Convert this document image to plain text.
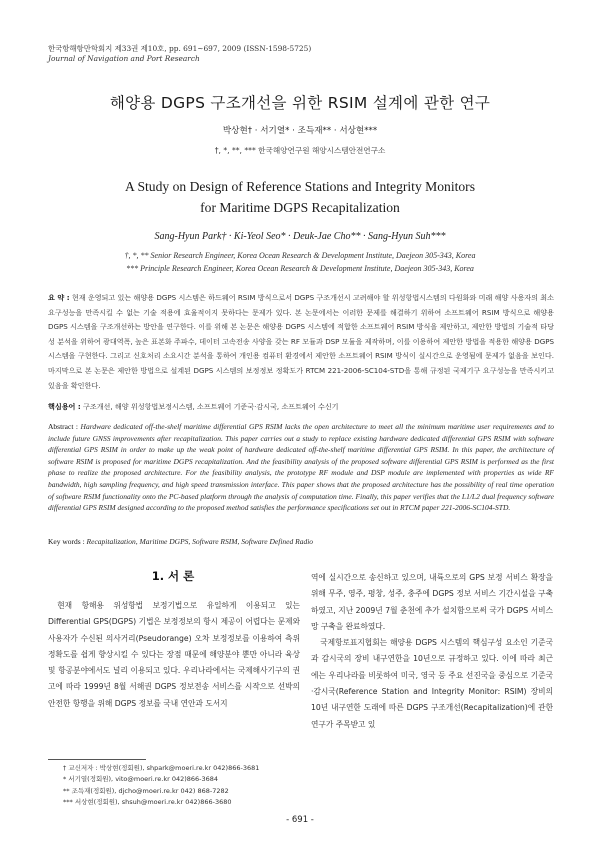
한국항해항만학회지 제33권 제10호, pp. 691~697, 2009 (ISSN-1598-5725)
Journal of Navigation and Port Research
해양용 DGPS 구조개선을 위한 RSIM 설계에 관한 연구
박상현† · 서기열* · 조득재** · 서상현***
†, *, **, *** 한국해양연구원 해양시스템안전연구소
A Study on Design of Reference Stations and Integrity Monitors
for Maritime DGPS Recapitalization
Sang-Hyun Park† · Ki-Yeol Seo* · Deuk-Jae Cho** · Sang-Hyun Suh***
†, *, ** Senior Research Engineer, Korea Ocean Research & Development Institute, Daejeon 305-343, Korea
*** Principle Research Engineer, Korea Ocean Research & Development Institute, Daejeon 305-343, Korea
요 약 : 현재 운영되고 있는 해양용 DGPS 시스템은 하드웨어 RSIM 방식으로서 DGPS 구조개선시 고려해야 할 위성항법시스템의 다원화와 미래 해양 사용자의 최소 요구성능을 만족시킬 수 없는 기술 적용에 효율적이지 못하다는 문제가 있다. 본 논문에서는 이러한 문제를 해결하기 위하여 소프트웨어 RSIM 방식으로 해양용 DGPS 시스템을 구조개선하는 방안을 연구한다. 이를 위해 본 논문은 해양용 DGPS 시스템에 적합한 소프트웨어 RSIM 방식을 제안하고, 제안한 방법의 기술적 타당성 분석을 위하여 광대역폭, 높은 표본화 주파수, 데이터 고속전송 사양을 갖는 RF 모듈과 DSP 모듈을 제작하며, 이를 이용하여 제안한 방법을 적용한 해양용 DGPS 시스템을 구현한다. 그리고 신호처리 소요시간 분석을 통하여 개인용 컴퓨터 환경에서 제안한 소프트웨어 RSIM 방식이 실시간으로 운영됨에 문제가 없음을 보인다. 마지막으로 본 논문은 제안한 방법으로 설계된 DGPS 시스템의 보정정보 정확도가 RTCM 221-2006-SC104-STD을 통해 규정된 국제기구 요구성능을 만족시키고 있음을 확인한다.
핵심용어 : 구조개선, 해양 위성항법보정시스템, 소프트웨어 기준국·감시국, 소프트웨어 수신기
Abstract : Hardware dedicated off-the-shelf maritime differential GPS RSIM lacks the open architecture to meet all the minimum maritime user requirements and to include future GNSS improvements after recapitalization. This paper carries out a study to replace existing hardware dedicated differential GPS RSIM with software differential GPS RSIM in order to make up the weak point of hardware dedicated off-the-shelf maritime differential GPS RSIM. In this paper, the architecture of software RSIM is proposed for maritime DGPS recapitalization. And the feasibility analysis of the proposed software differential GPS RSIM is performed as the first phase to realize the proposed architecture. For the feasibility analysis, the prototype RF module and DSP module are implemented with properties as wide RF bandwidth, high sampling frequency, and high speed transmission interface. This paper shows that the proposed architecture has the possibility of real time operation of software RSIM functionality onto the PC-based platform through the analysis of computation time. Finally, this paper verifies that the L1/L2 dual frequency software differential GPS RSIM designed according to the proposed method satisfies the performance specifications set out in RTCM paper 221-2006-SC104-STD.
Key words : Recapitalization, Maritime DGPS, Software RSIM, Software Defined Radio
1. 서 론

현재 항해용 위성항법 보정기법으로 유일하게 이용되고 있는 Differential GPS(DGPS) 기법은 보정정보의 항시 제공이 어렵다는 문제와 사용자가 수신된 의사거리(Pseudorange) 오차 보정정보를 이용하여 측위 정확도를 쉽게 향상시킬 수 있다는 장점 때문에 해양분야 뿐만 아니라 육상 및 항공분야에서도 널리 이용되고 있다. 우리나라에서는 국제해사기구의 권고에 따라 1999년 8월 서해권 DGPS 정보전송 서비스를 시작으로 선박의 안전한 항행을 위해 DGPS 정보를 국내 연안과 도서지

역에 실시간으로 송신하고 있으며, 내륙으로의 GPS 보정 서비스 확장을 위해 무주, 영주, 평창, 성주, 충주에 DGPS 정보 서비스 기간시설을 구축하였고, 지난 2009년 7월 춘천에 추가 설치함으로써 국가 DGPS 서비스망 구축을 완료하였다.

국제항로표지협회는 해양용 DGPS 시스템의 핵심구성 요소인 기준국과 감시국의 장비 내구연한을 10년으로 규정하고 있다. 이에 따라 최근에는 우리나라를 비롯하여 미국, 영국 등 주요 선진국을 중심으로 기준국·감시국(Reference Station and Integrity Monitor: RSIM) 장비의 10년 내구연한 도래에 따른 DGPS 구조개선(Recapitalization)에 관한 연구가 주목받고 있

† 교신저자 : 박상현(정회원), shpark@moeri.re.kr 042)866-3681
* 서기열(정회원), vito@moeri.re.kr 042)866-3684
** 조득재(정회원), djcho@moeri.re.kr 042) 868-7282
*** 서상현(정회원), shsuh@moeri.re.kr 042)866-3680
- 691 -
